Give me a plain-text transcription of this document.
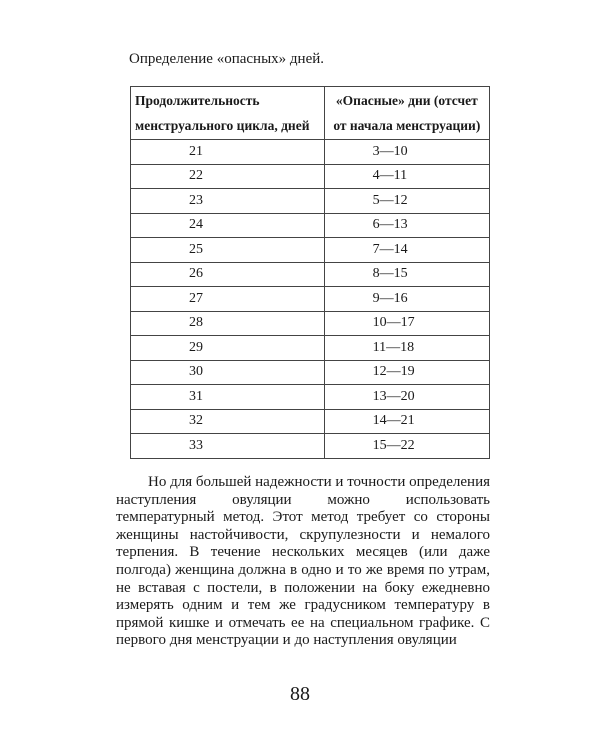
Определение «опасных» дней.
Продолжительность
менструального цикла, дней	«Опасные» дни (отсчет
от начала менструации)
21	3—10
22	4—11
23	5—12
24	6—13
25	7—14
26	8—15
27	9—16
28	10—17
29	11—18
30	12—19
31	13—20
32	14—21
33	15—22

Но для большей надежности и точности определения наступления овуляции можно использовать температурный метод. Этот метод требует со стороны женщины настойчивости, скрупулезности и немалого терпения. В течение нескольких месяцев (или даже полгода) женщина должна в одно и то же время по утрам, не вставая с постели, в положении на боку ежедневно измерять одним и тем же градусником температуру в прямой кишке и отмечать ее на специальном графике. С первого дня менструации и до наступления овуляции

88
